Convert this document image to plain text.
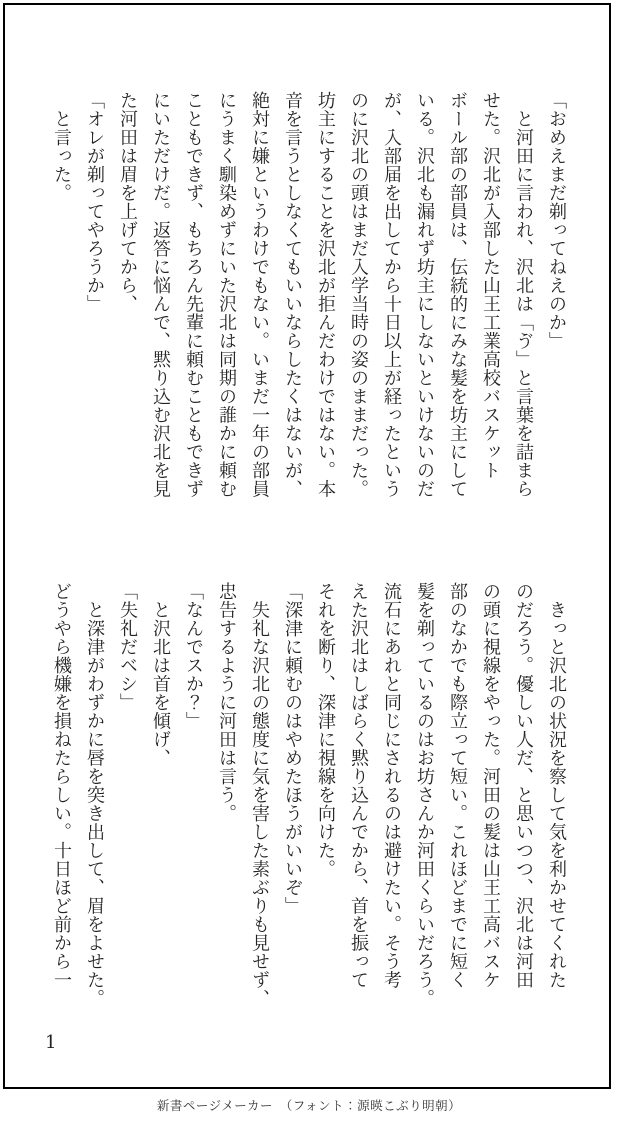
「おめえまだ剃ってねえのか」

　と河田に言われ、沢北は「ゔ」と言葉を詰まら

せた。沢北が入部した山王工業高校バスケット

ボール部の部員は、伝統的にみな髪を坊主にして

いる。沢北も漏れず坊主にしないといけないのだ

が、入部届を出してから十日以上が経ったという

のに沢北の頭はまだ入学当時の姿のままだった。

坊主にすることを沢北が拒んだわけではない。本

音を言うとしなくてもいいならしたくはないが、

絶対に嫌というわけでもない。いまだ一年の部員

にうまく馴染めずにいた沢北は同期の誰かに頼む

こともできず、もちろん先輩に頼むこともできず

にいただけだ。返答に悩んで、黙り込む沢北を見

た河田は眉を上げてから、

「オレが剃ってやろうか」

　と言った。

　きっと沢北の状況を察して気を利かせてくれた

のだろう。優しい人だ、と思いつつ、沢北は河田

の頭に視線をやった。河田の髪は山王工高バスケ

部のなかでも際立って短い。これほどまでに短く

髪を剃っているのはお坊さんか河田くらいだろう。

流石にあれと同じにされるのは避けたい。そう考

えた沢北はしばらく黙り込んでから、首を振って

それを断り、深津に視線を向けた。

「深津に頼むのはやめたほうがいいぞ」

　失礼な沢北の態度に気を害した素ぶりも見せず、

忠告するように河田は言う。

「なんでスか？」

　と沢北は首を傾げ、

「失礼だベシ」

　と深津がわずかに唇を突き出して、眉をよせた。

どうやら機嫌を損ねたらしい。十日ほど前から一

1
新書ページメーカー　（フォント：源暎こぶり明朝）
